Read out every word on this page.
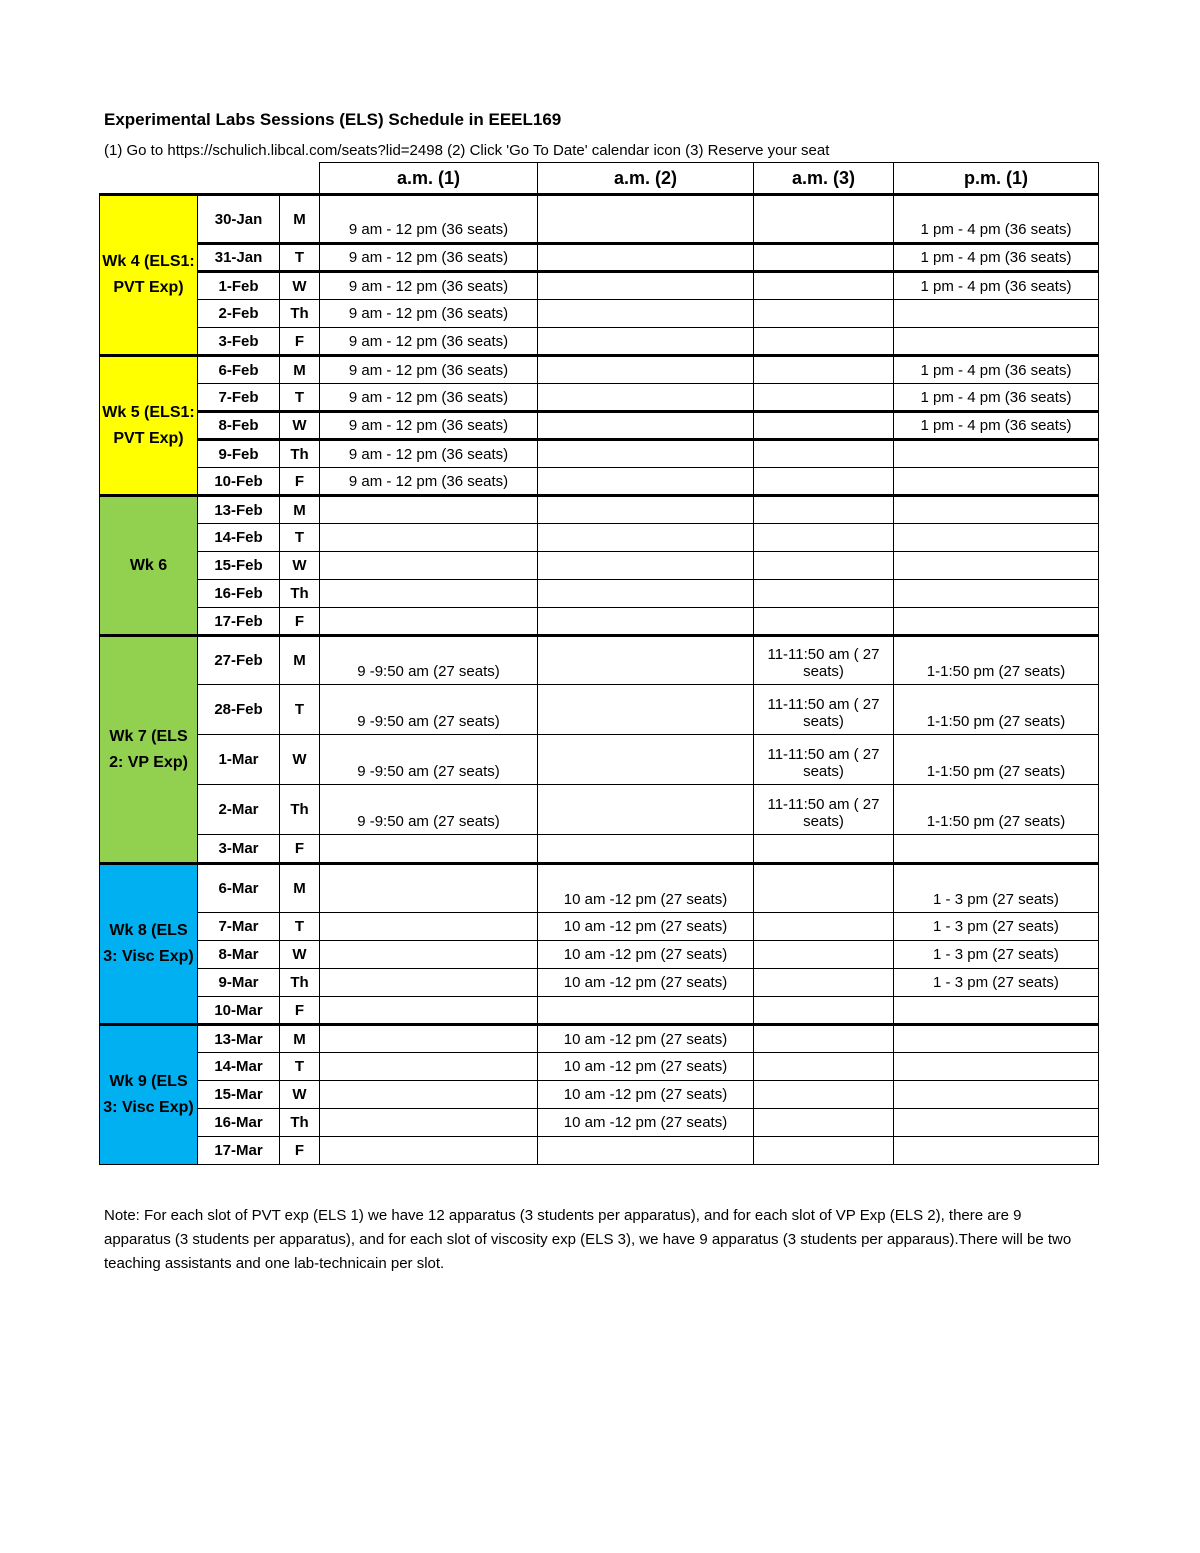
Experimental Labs Sessions (ELS) Schedule in EEEL169
(1) Go to https://schulich.libcal.com/seats?lid=2498 (2) Click 'Go To Date' calendar icon (3) Reserve your seat
			a.m. (1)	a.m. (2)	a.m. (3)	p.m. (1)
Wk 4 (ELS1: PVT Exp)	30-Jan	M	9 am - 12 pm (36 seats)			1 pm - 4 pm (36 seats)
	31-Jan	T	9 am - 12 pm (36 seats)			1 pm - 4 pm (36 seats)
	1-Feb	W	9 am - 12 pm (36 seats)			1 pm - 4 pm (36 seats)
	2-Feb	Th	9 am - 12 pm (36 seats)			
	3-Feb	F	9 am - 12 pm (36 seats)			
Wk 5 (ELS1: PVT Exp)	6-Feb	M	9 am - 12 pm (36 seats)			1 pm - 4 pm (36 seats)
	7-Feb	T	9 am - 12 pm (36 seats)			1 pm - 4 pm (36 seats)
	8-Feb	W	9 am - 12 pm (36 seats)			1 pm - 4 pm (36 seats)
	9-Feb	Th	9 am - 12 pm (36 seats)			
	10-Feb	F	9 am - 12 pm (36 seats)			
Wk 6	13-Feb	M				
	14-Feb	T				
	15-Feb	W				
	16-Feb	Th				
	17-Feb	F				
Wk 7 (ELS 2: VP Exp)	27-Feb	M	9 -9:50 am (27 seats)		11-11:50 am ( 27 seats)	1-1:50 pm (27 seats)
	28-Feb	T	9 -9:50 am (27 seats)		11-11:50 am ( 27 seats)	1-1:50 pm (27 seats)
	1-Mar	W	9 -9:50 am (27 seats)		11-11:50 am ( 27 seats)	1-1:50 pm (27 seats)
	2-Mar	Th	9 -9:50 am (27 seats)		11-11:50 am ( 27 seats)	1-1:50 pm (27 seats)
	3-Mar	F				
Wk 8 (ELS 3: Visc Exp)	6-Mar	M		10 am -12 pm (27 seats)		1 - 3 pm (27 seats)
	7-Mar	T		10 am -12 pm (27 seats)		1 - 3 pm (27 seats)
	8-Mar	W		10 am -12 pm (27 seats)		1 - 3 pm (27 seats)
	9-Mar	Th		10 am -12 pm (27 seats)		1 - 3 pm (27 seats)
	10-Mar	F				
Wk 9 (ELS 3: Visc Exp)	13-Mar	M		10 am -12 pm (27 seats)		
	14-Mar	T		10 am -12 pm (27 seats)		
	15-Mar	W		10 am -12 pm (27 seats)		
	16-Mar	Th		10 am -12 pm (27 seats)		
	17-Mar	F				
Note: For each slot of PVT exp (ELS 1) we have 12 apparatus (3 students per apparatus), and for each slot of VP Exp (ELS 2), there are 9 apparatus (3 students per apparatus), and for each slot of viscosity exp (ELS 3), we have 9 apparatus (3 students per apparaus).There will be two teaching assistants and one lab-technicain per slot.
